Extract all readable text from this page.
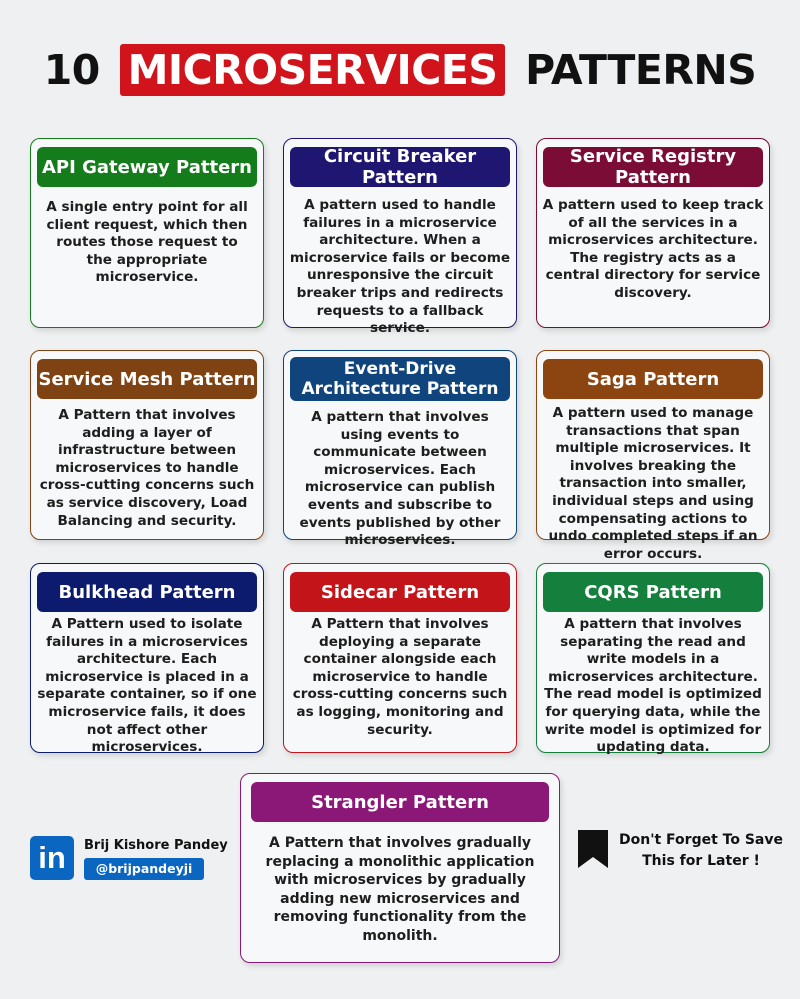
10 MICROSERVICES PATTERNS
API Gateway Pattern
A single entry point for all client request, which then routes those request to the appropriate microservice.
Circuit Breaker Pattern
A pattern used to handle failures in a microservice architecture. When a microservice fails or become unresponsive the circuit breaker trips and redirects requests to a fallback service.
Service Registry Pattern
A pattern used to keep track of all the services in a microservices architecture. The registry acts as a central directory for service discovery.
Service Mesh Pattern
A Pattern that involves adding a layer of infrastructure between microservices to handle cross-cutting concerns such as service discovery, Load Balancing and security.
Event-Drive Architecture Pattern
A pattern that involves using events to communicate between microservices. Each microservice can publish events and subscribe to events published by other microservices.
Saga Pattern
A pattern used to manage transactions that span multiple microservices. It involves breaking the transaction into smaller, individual steps and using compensating actions to undo completed steps if an error occurs.
Bulkhead Pattern
A Pattern used to isolate failures in a microservices architecture. Each microservice is placed in a separate container, so if one microservice fails, it does not affect other microservices.
Sidecar Pattern
A Pattern that involves deploying a separate container alongside each microservice to handle cross-cutting concerns such as logging, monitoring and security.
CQRS Pattern
A pattern that involves separating the read and write models in a microservices architecture. The read model is optimized for querying data, while the write model is optimized for updating data.
Strangler Pattern
A Pattern that involves gradually replacing a monolithic application with microservices by gradually adding new microservices and removing functionality from the monolith.
in	Brij Kishore Pandey
@brijpandeyji
Don't Forget To Save This for Later !
